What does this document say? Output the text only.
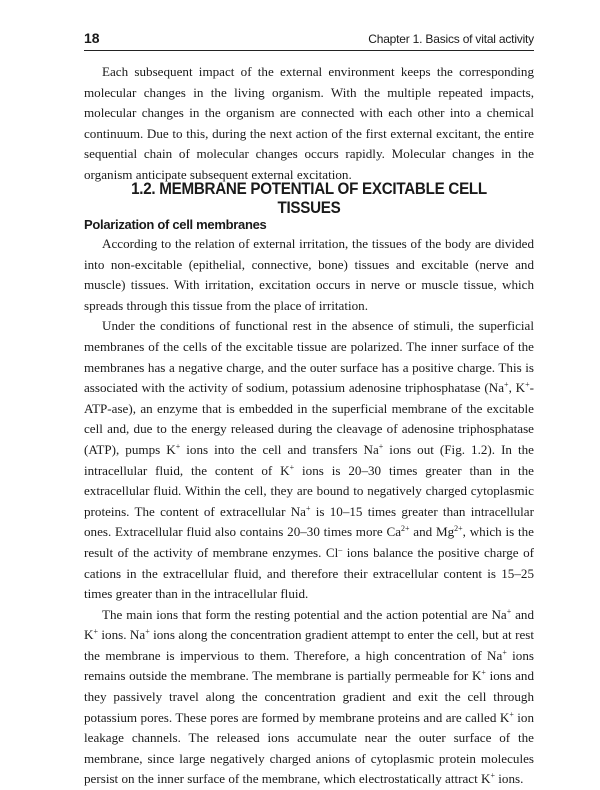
18	Chapter 1. Basics of vital activity

Each subsequent impact of the external environment keeps the corresponding molecular changes in the living organism. With the multiple repeated impacts, molecular changes in the organism are connected with each other into a chemical continuum. Due to this, during the next action of the first external excitant, the entire sequential chain of molecular changes occurs rapidly. Molecular changes in the organism anticipate subsequent external excitation.

1.2. MEMBRANE POTENTIAL OF EXCITABLE CELL TISSUES
Polarization of cell membranes

According to the relation of external irritation, the tissues of the body are divided into non-excitable (epithelial, connective, bone) tissues and excitable (nerve and muscle) tissues. With irritation, excitation occurs in nerve or muscle tissue, which spreads through this tissue from the place of irritation.

Under the conditions of functional rest in the absence of stimuli, the superficial membranes of the cells of the excitable tissue are polarized. The inner surface of the membranes has a negative charge, and the outer surface has a positive charge. This is associated with the activity of sodium, potassium adenosine triphosphatase (Na+, K+-ATP-ase), an enzyme that is embedded in the superficial membrane of the excitable cell and, due to the energy released during the cleavage of adenosine triphosphatase (ATP), pumps K+ ions into the cell and transfers Na+ ions out (Fig. 1.2). In the intracellular fluid, the content of K+ ions is 20–30 times greater than in the extracellular fluid. Within the cell, they are bound to negatively charged cytoplasmic proteins. The content of extracellular Na+ is 10–15 times greater than intracellular ones. Extracellular fluid also contains 20–30 times more $Ca^{2+}$ and $Mg^{2+}$, which is the result of the activity of membrane enzymes. Cl– ions balance the positive charge of cations in the extracellular fluid, and therefore their extracellular content is 15–25 times greater than in the intracellular fluid.

The main ions that form the resting potential and the action potential are Na+ and K+ ions. Na+ ions along the concentration gradient attempt to enter the cell, but at rest the membrane is impervious to them. Therefore, a high concentration of Na+ ions remains outside the membrane. The membrane is partially permeable for K+ ions and they passively travel along the concentration gradient and exit the cell through potassium pores. These pores are formed by membrane proteins and are called K+ ion leakage channels. The released ions accumulate near the outer surface of the membrane, since large negatively charged anions of cytoplasmic protein molecules persist on the inner surface of the membrane, which electrostatically attract K+ ions.
